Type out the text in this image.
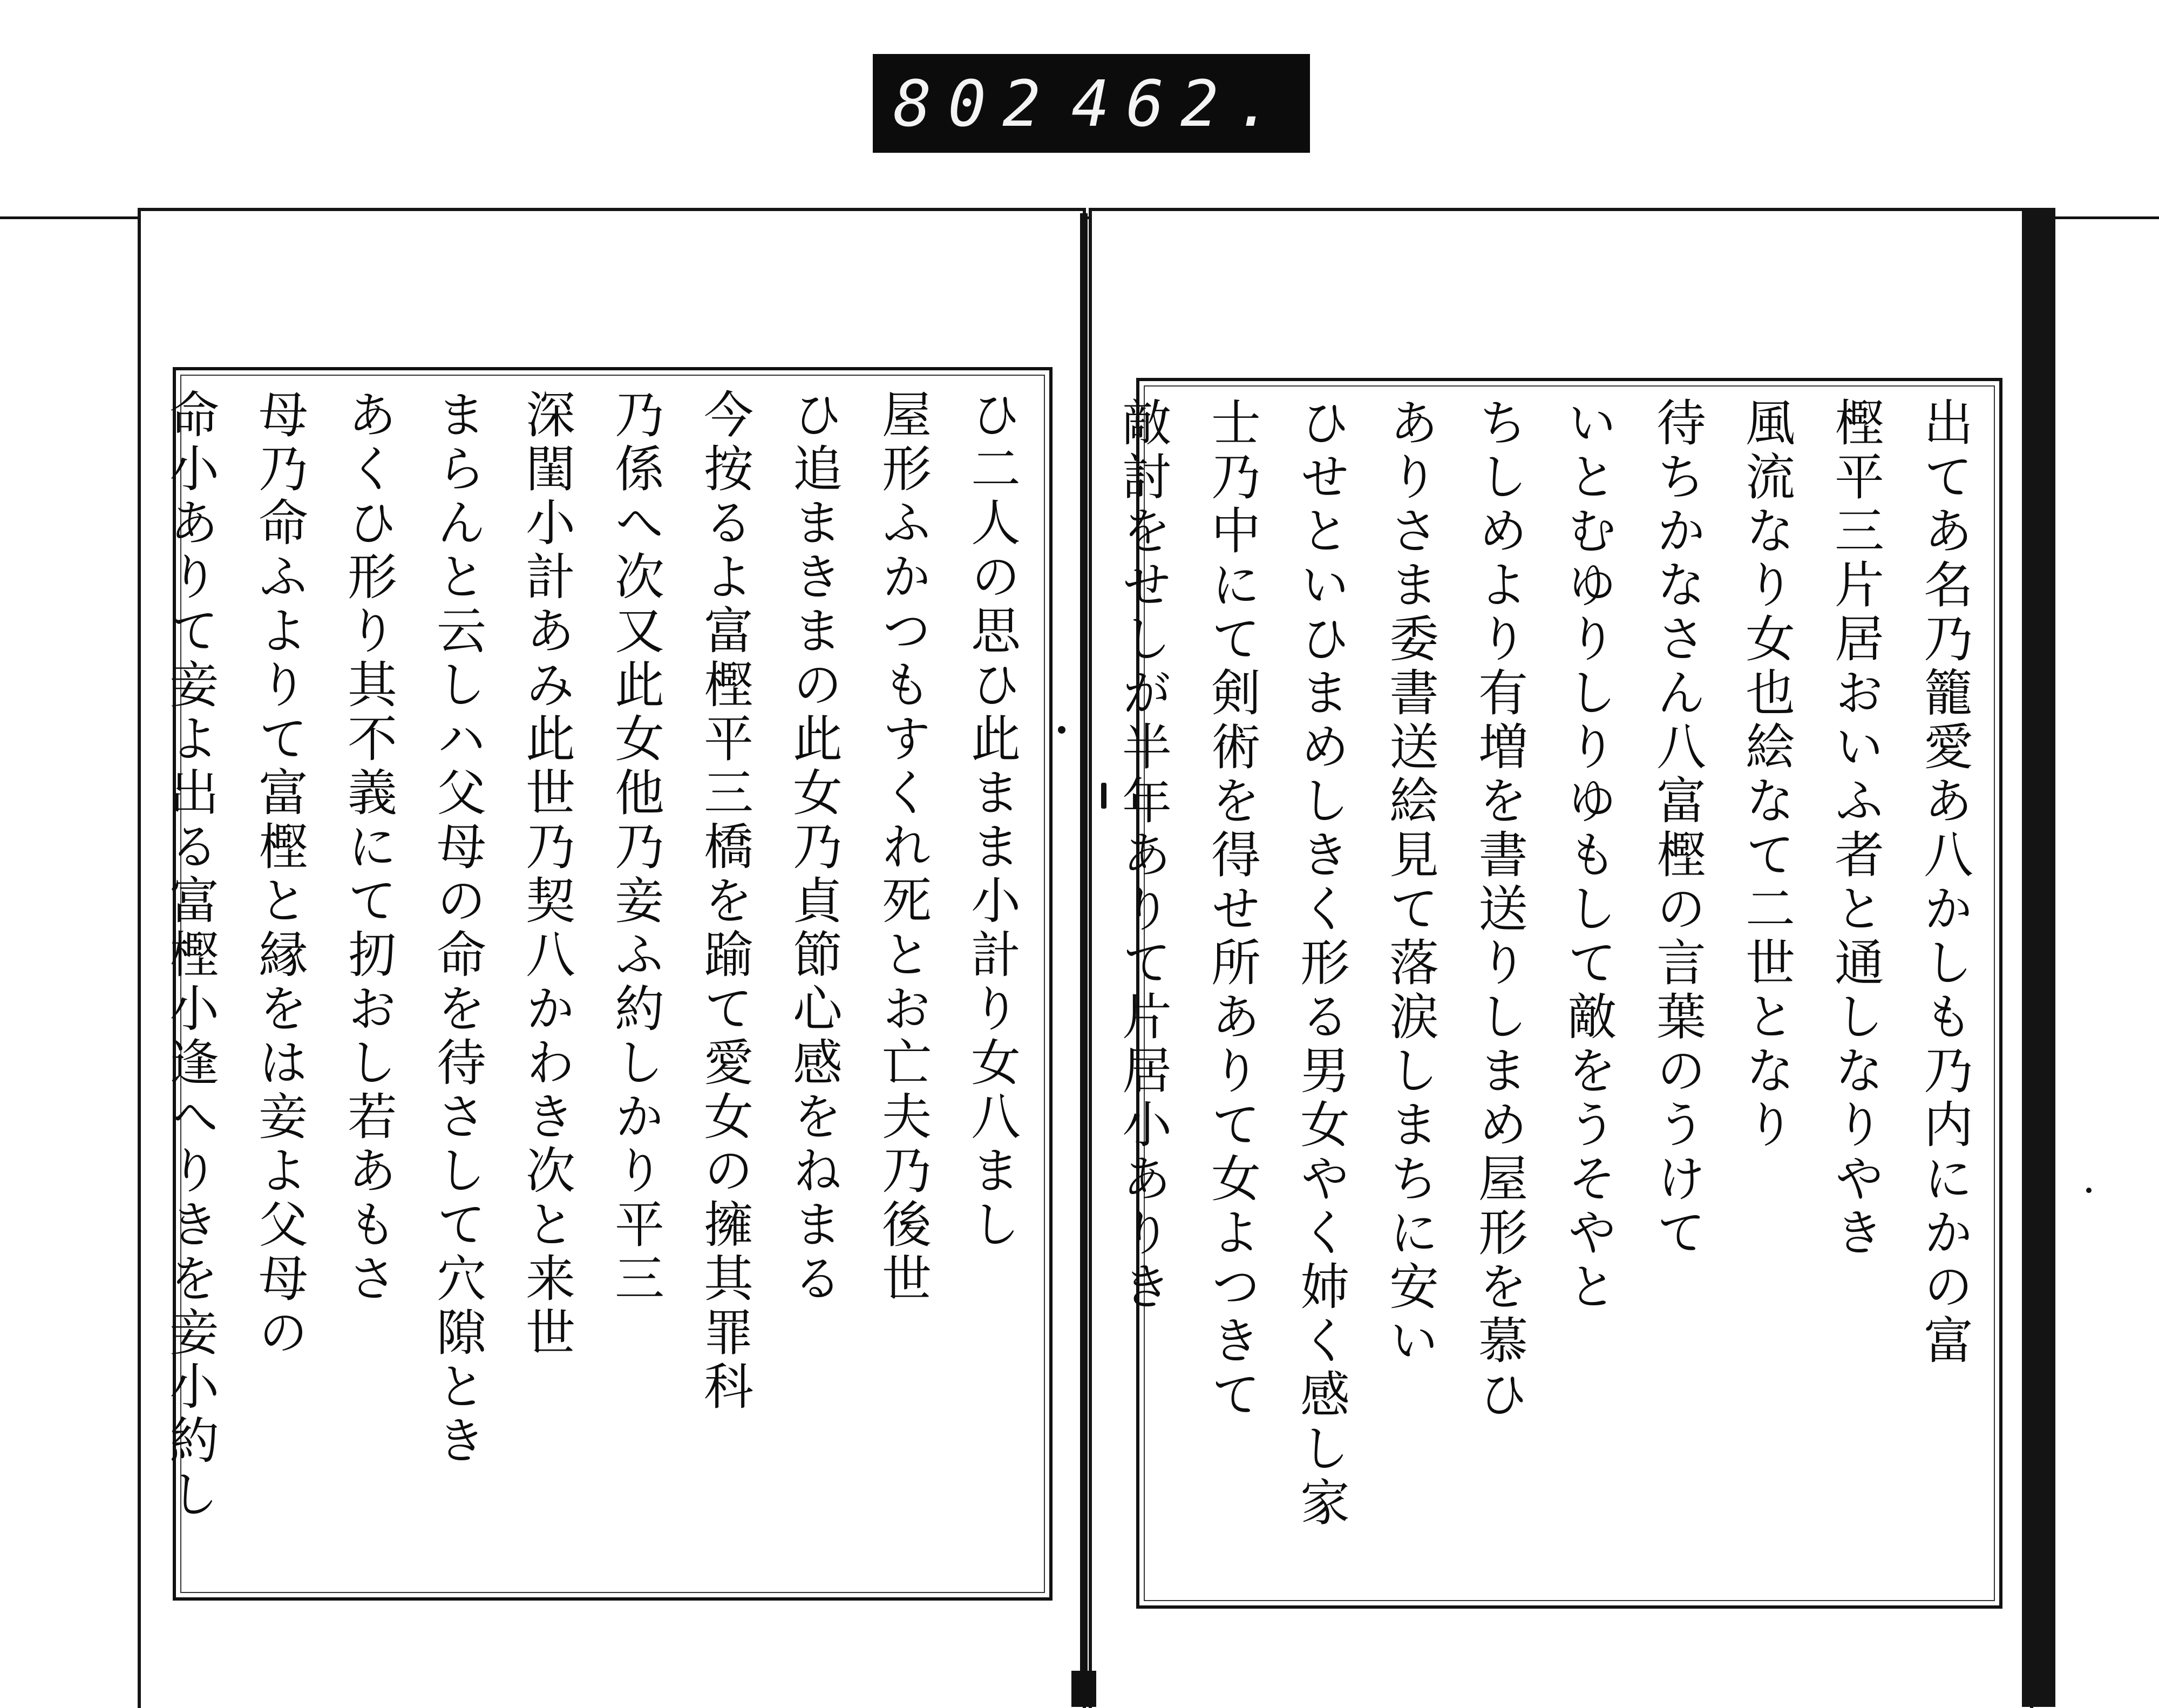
802 462.
出てあ名乃籠愛あ八かしも乃内にかの富
樫平三片居おいふ者と通しなりやき
風流なり女也絵なて二世となり
待ちかなさん八富樫の言葉のうけて
いとむゆりしりゆもして敵をうそやと
ちしめより有増を書送りしまめ屋形を慕ひ
ありさま委書送絵見て落涙しまちに安い
ひせといひまめしきく形る男女やく姉く感し家
士乃中にて剣術を得せ所ありて女よつきて
敵討をせしが半年ありて片居小ありき
ひ二人の思ひ此まま小計り女八まし
屋形ふかつもすくれ死とお亡夫乃後世
ひ追まきまの此女乃貞節心感をねまる
今按るよ富樫平三橋を踰て愛女の擁其罪科
乃係へ次又此女他乃妾ふ約しかり平三
深閨小計あみ此世乃契八かわき次と来世
まらんと云しハ父母の命を待さして穴隙とき
あくひ形り其不義にて扨おし若あもさ
母乃命ふよりて富樫と縁をは妾よ父母の
命小ありて妾よ出る富樫小逢へりきを妾小約し
